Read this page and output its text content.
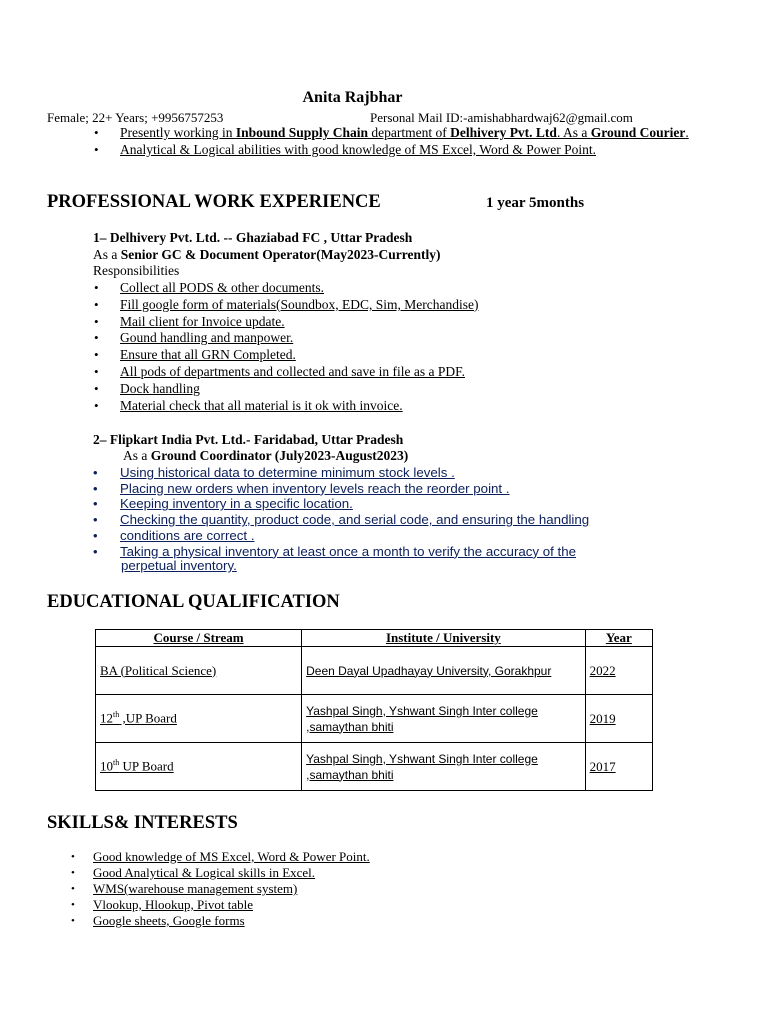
Anita Rajbhar
Female; 22+ Years; +9956757253	Personal Mail ID:-amishabhardwaj62@gmail.com
• Presently working in Inbound Supply Chain department of Delhivery Pvt. Ltd. As a Ground Courier.
• Analytical & Logical abilities with good knowledge of MS Excel, Word & Power Point.
PROFESSIONAL WORK EXPERIENCE	1 year 5months
1– Delhivery Pvt. Ltd. -- Ghaziabad FC , Uttar Pradesh
As a Senior GC & Document Operator(May2023-Currently)
Responsibilities
• Collect all PODS & other documents.
• Fill google form of materials(Soundbox, EDC, Sim, Merchandise)
• Mail client for Invoice update.
• Gound handling and manpower.
• Ensure that all GRN Completed.
• All pods of departments and collected and save in file as a PDF.
• Dock handling
• Material check that all material is it ok with invoice.
2– Flipkart India Pvt. Ltd.- Faridabad, Uttar Pradesh
As a Ground Coordinator (July2023-August2023)
• Using historical data to determine minimum stock levels .
• Placing new orders when inventory levels reach the reorder point .
• Keeping inventory in a specific location.
• Checking the quantity, product code, and serial code, and ensuring the handling
• conditions are correct .
• Taking a physical inventory at least once a month to verify the accuracy of the
perpetual inventory.
EDUCATIONAL QUALIFICATION
Course / Stream	Institute / University	Year
BA (Political Science)	Deen Dayal Upadhayay University, Gorakhpur	2022
12th ,UP Board	Yashpal Singh, Yshwant Singh Inter college ,samaythan bhiti	2019
10th UP Board	Yashpal Singh, Yshwant Singh Inter college ,samaythan bhiti	2017
SKILLS& INTERESTS
• Good knowledge of MS Excel, Word & Power Point.
• Good Analytical & Logical skills in Excel.
• WMS(warehouse management system)
• Vlookup, Hlookup, Pivot table
• Google sheets, Google forms
